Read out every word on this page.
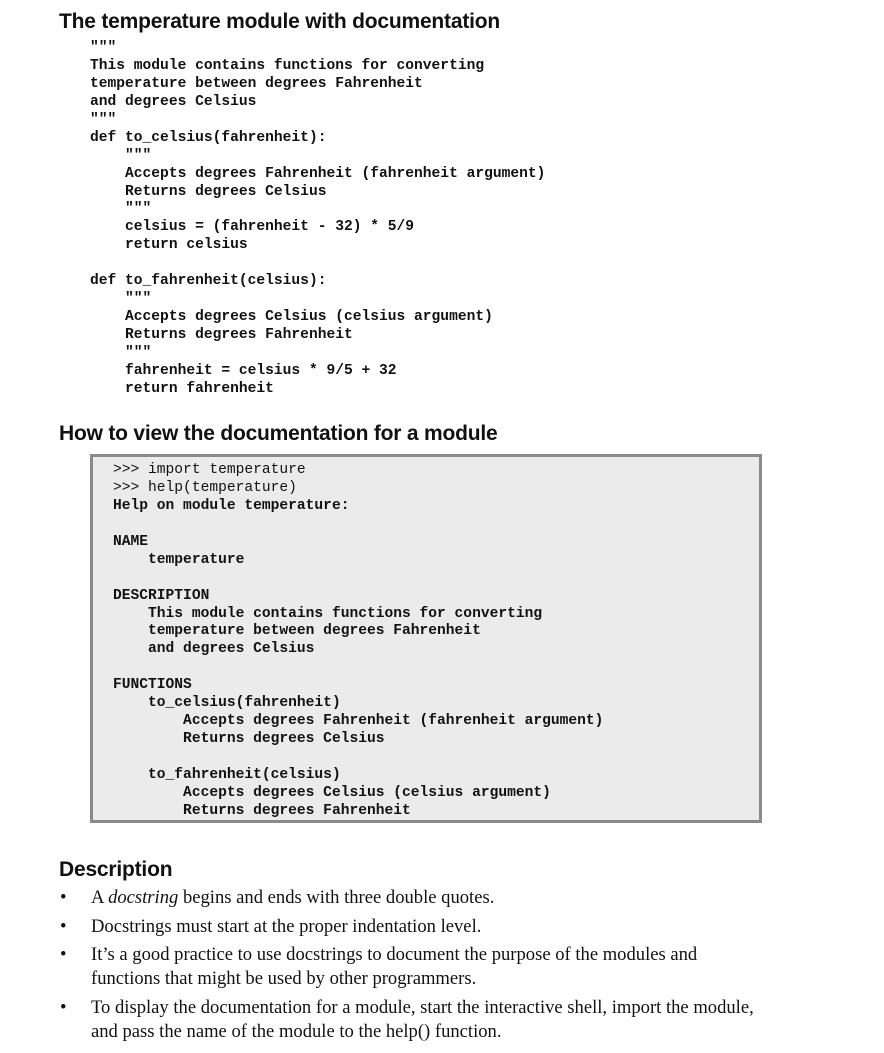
The temperature module with documentation
"""
This module contains functions for converting
temperature between degrees Fahrenheit
and degrees Celsius
"""
def to_celsius(fahrenheit):
"""
Accepts degrees Fahrenheit (fahrenheit argument)
Returns degrees Celsius
"""
celsius = (fahrenheit - 32) * 5/9
return celsius
def to_fahrenheit(celsius):
"""
Accepts degrees Celsius (celsius argument)
Returns degrees Fahrenheit
"""
fahrenheit = celsius * 9/5 + 32
return fahrenheit
How to view the documentation for a module
>>> import temperature
>>> help(temperature)
Help on module temperature:
NAME
temperature
DESCRIPTION
This module contains functions for converting
temperature between degrees Fahrenheit
and degrees Celsius
FUNCTIONS
to_celsius(fahrenheit)
Accepts degrees Fahrenheit (fahrenheit argument)
Returns degrees Celsius
to_fahrenheit(celsius)
Accepts degrees Celsius (celsius argument)
Returns degrees Fahrenheit
Description
• A docstring begins and ends with three double quotes.
• Docstrings must start at the proper indentation level.
• It’s a good practice to use docstrings to document the purpose of the modules and functions that might be used by other programmers.
• To display the documentation for a module, start the interactive shell, import the module, and pass the name of the module to the help() function.
